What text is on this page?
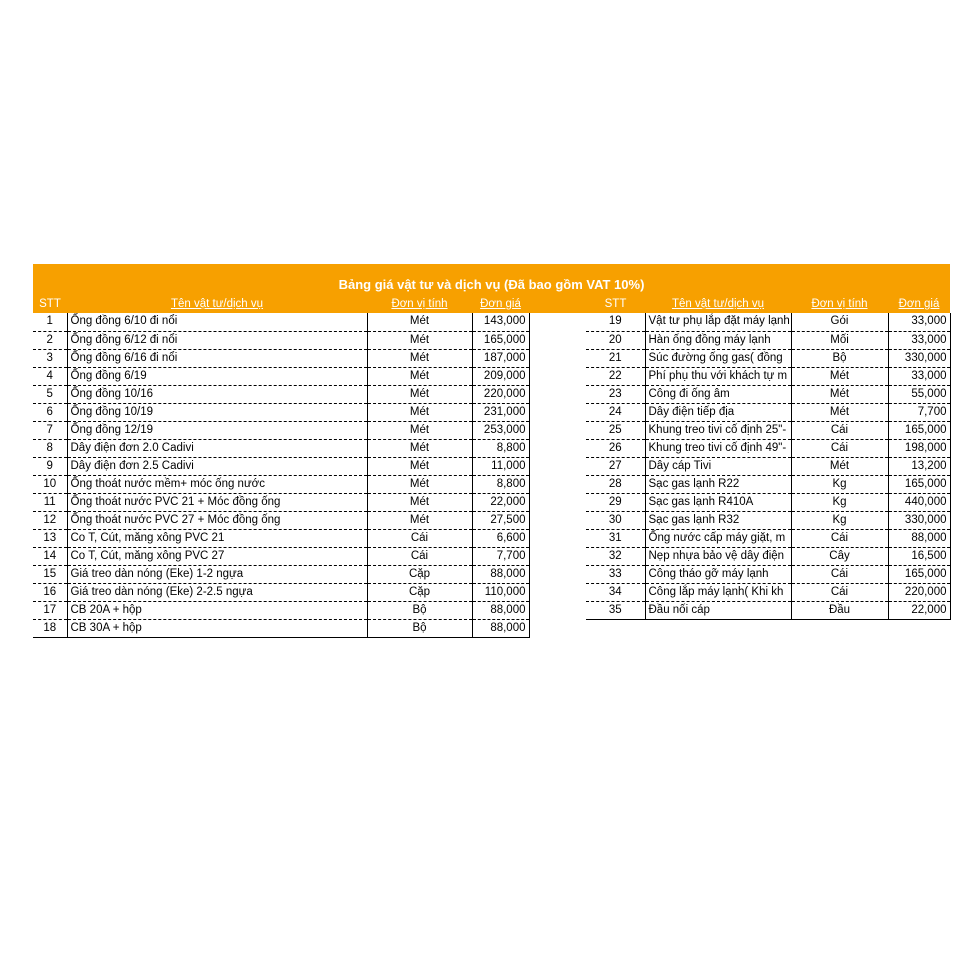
Bảng giá vật tư và dịch vụ (Đã bao gồm VAT 10%)
STT	Tên vật tư/dịch vụ	Đơn vị tính	Đơn giá
1	Ống đồng 6/10 đi nổi	Mét	143,000
2	Ống đồng 6/12 đi nổi	Mét	165,000
3	Ống đồng 6/16 đi nổi	Mét	187,000
4	Ống đồng 6/19	Mét	209,000
5	Ống đồng 10/16	Mét	220,000
6	Ống đồng 10/19	Mét	231,000
7	Ống đồng 12/19	Mét	253,000
8	Dây điện đơn 2.0 Cadivi	Mét	8,800
9	Dây điện đơn 2.5 Cadivi	Mét	11,000
10	Ống thoát nước mềm+ móc ống nước	Mét	8,800
11	Ống thoát nước PVC 21 + Móc đồng ống	Mét	22,000
12	Ống thoát nước PVC 27 + Móc đồng ống	Mét	27,500
13	Co T, Cút, măng xông PVC 21	Cái	6,600
14	Co T, Cút, măng xông PVC 27	Cái	7,700
15	Giá treo dàn nóng (Eke) 1-2 ngựa	Cặp	88,000
16	Giá treo dàn nóng (Eke) 2-2.5 ngựa	Cặp	110,000
17	CB 20A + hộp	Bộ	88,000
18	CB 30A + hộp	Bộ	88,000
STT	Tên vật tư/dịch vụ	Đơn vị tính	Đơn giá
19	Vật tư phụ lắp đặt máy lạnh	Gói	33,000
20	Hàn ống đồng máy lạnh	Mối	33,000
21	Súc đường ống gas( đồng	Bộ	330,000
22	Phí phụ thu với khách tự m	Mét	33,000
23	Công đi ống âm	Mét	55,000
24	Dây điện tiếp địa	Mét	7,700
25	Khung treo tivi cố định 25"-	Cái	165,000
26	Khung treo tivi cố định 49"-	Cái	198,000
27	Dây cáp Tivi	Mét	13,200
28	Sạc gas lạnh R22	Kg	165,000
29	Sạc gas lạnh R410A	Kg	440,000
30	Sạc gas lạnh R32	Kg	330,000
31	Ống nước cấp máy giặt, m	Cái	88,000
32	Nẹp nhựa bảo vệ dây điện	Cây	16,500
33	Công tháo gỡ máy lạnh	Cái	165,000
34	Công lắp máy lạnh( Khi kh	Cái	220,000
35	Đầu nối cáp	Đầu	22,000
